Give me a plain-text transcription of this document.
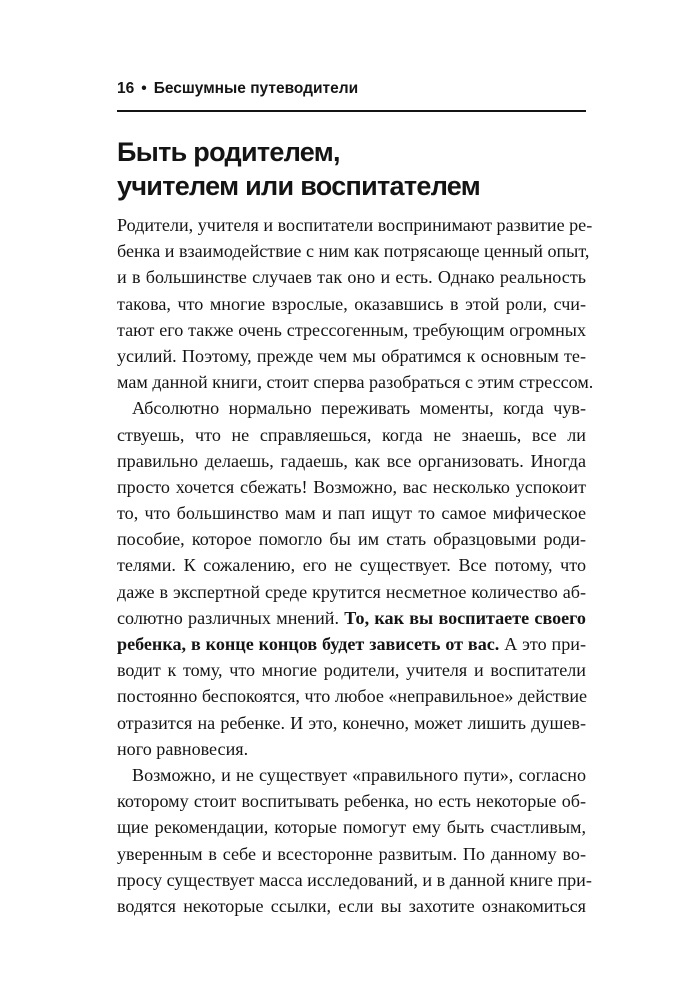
16 • Бесшумные путеводители
Быть родителем,
учителем или воспитателем
Родители, учителя и воспитатели воспринимают развитие ре-
бенка и взаимодействие с ним как потрясающе ценный опыт,
и в большинстве случаев так оно и есть. Однако реальность
такова, что многие взрослые, оказавшись в этой роли, счи-
тают его также очень стрессогенным, требующим огромных
усилий. Поэтому, прежде чем мы обратимся к основным те-
мам данной книги, стоит сперва разобраться с этим стрессом.
Абсолютно нормально переживать моменты, когда чув-
ствуешь, что не справляешься, когда не знаешь, все ли
правильно делаешь, гадаешь, как все организовать. Иногда
просто хочется сбежать! Возможно, вас несколько успокоит
то, что большинство мам и пап ищут то самое мифическое
пособие, которое помогло бы им стать образцовыми роди-
телями. К сожалению, его не существует. Все потому, что
даже в экспертной среде крутится несметное количество аб-
солютно различных мнений. То, как вы воспитаете своего
ребенка, в конце концов будет зависеть от вас. А это при-
водит к тому, что многие родители, учителя и воспитатели
постоянно беспокоятся, что любое «неправильное» действие
отразится на ребенке. И это, конечно, может лишить душев-
ного равновесия.
Возможно, и не существует «правильного пути», согласно
которому стоит воспитывать ребенка, но есть некоторые об-
щие рекомендации, которые помогут ему быть счастливым,
уверенным в себе и всесторонне развитым. По данному во-
просу существует масса исследований, и в данной книге при-
водятся некоторые ссылки, если вы захотите ознакомиться
